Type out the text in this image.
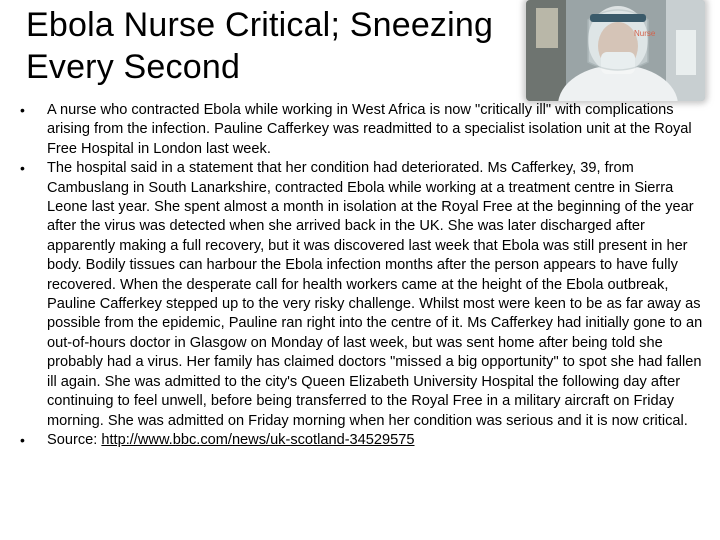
Ebola Nurse Critical; Sneezing Every Second
Nurse
• A nurse who contracted Ebola while working in West Africa is now "critically ill" with complications arising from the infection. Pauline Cafferkey was readmitted to a specialist isolation unit at the Royal Free Hospital in London last week.
• The hospital said in a statement that her condition had deteriorated. Ms Cafferkey, 39, from Cambuslang in South Lanarkshire, contracted Ebola while working at a treatment centre in Sierra Leone last year. She spent almost a month in isolation at the Royal Free at the beginning of the year after the virus was detected when she arrived back in the UK. She was later discharged after apparently making a full recovery, but it was discovered last week that Ebola was still present in her body. Bodily tissues can harbour the Ebola infection months after the person appears to have fully recovered. When the desperate call for health workers came at the height of the Ebola outbreak, Pauline Cafferkey stepped up to the very risky challenge. Whilst most were keen to be as far away as possible from the epidemic, Pauline ran right into the centre of it. Ms Cafferkey had initially gone to an out-of-hours doctor in Glasgow on Monday of last week, but was sent home after being told she probably had a virus. Her family has claimed doctors "missed a big opportunity" to spot she had fallen ill again. She was admitted to the city's Queen Elizabeth University Hospital the following day after continuing to feel unwell, before being transferred to the Royal Free in a military aircraft on Friday morning. She was admitted on Friday morning when her condition was serious and it is now critical.
• Source: http://www.bbc.com/news/uk-scotland-34529575
